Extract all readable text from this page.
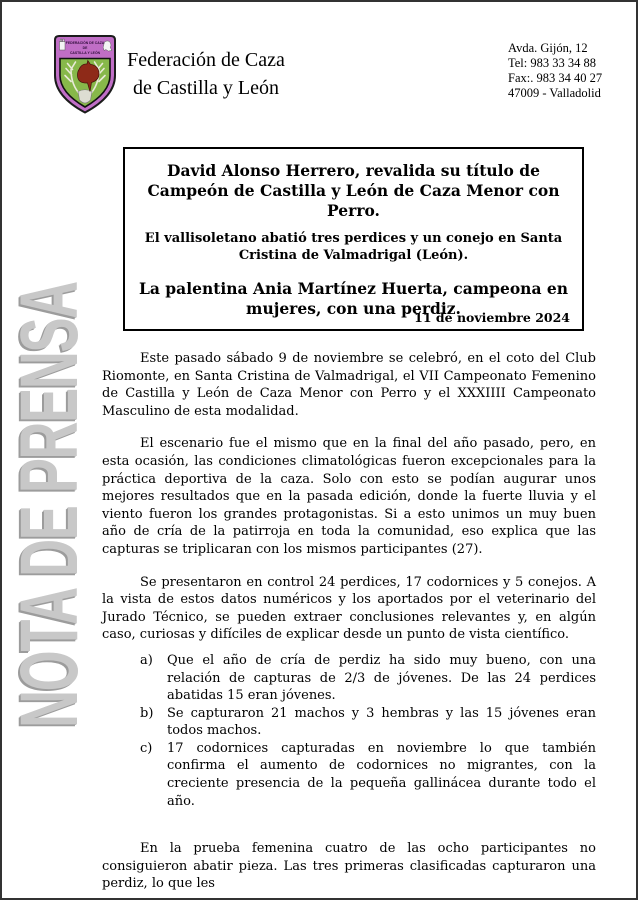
NOTA DE PRENSA
FEDERACIÓN DE CAZA
DE
CASTILLA Y LEÓN	Federación de Caza
de Castilla y León
Avda. Gijón, 12
Tel: 983 33 34 88
Fax:. 983 34 40 27
47009 - Valladolid
David Alonso Herrero, revalida su título de Campeón de Castilla y León de Caza Menor con Perro.
El vallisoletano abatió tres perdices y un conejo en Santa Cristina de Valmadrigal (León).
La palentina Ania Martínez Huerta, campeona en mujeres, con una perdiz.
11 de noviembre 2024

Este pasado sábado 9 de noviembre se celebró, en el coto del Club Riomonte, en Santa Cristina de Valmadrigal, el VII Campeonato Femenino de Castilla y León de Caza Menor con Perro y el XXXIIII Campeonato Masculino de esta modalidad.

El escenario fue el mismo que en la final del año pasado, pero, en esta ocasión, las condiciones climatológicas fueron excepcionales para la práctica deportiva de la caza. Solo con esto se podían augurar unos mejores resultados que en la pasada edición, donde la fuerte lluvia y el viento fueron los grandes protagonistas. Si a esto unimos un muy buen año de cría de la patirroja en toda la comunidad, eso explica que las capturas se triplicaran con los mismos participantes (27).

Se presentaron en control 24 perdices, 17 codornices y 5 conejos. A la vista de estos datos numéricos y los aportados por el veterinario del Jurado Técnico, se pueden extraer conclusiones relevantes y, en algún caso, curiosas y difíciles de explicar desde un punto de vista científico.

a)	Que el año de cría de perdiz ha sido muy bueno, con una relación de capturas de 2/3 de jóvenes. De las 24 perdices abatidas 15 eran jóvenes.
b)	Se capturaron 21 machos y 3 hembras y las 15 jóvenes eran todos machos.
c)	17 codornices capturadas en noviembre lo que también confirma el aumento de codornices no migrantes, con la creciente presencia de la pequeña gallinácea durante todo el año.

En la prueba femenina cuatro de las ocho participantes no consiguieron abatir pieza. Las tres primeras clasificadas capturaron una perdiz, lo que les
